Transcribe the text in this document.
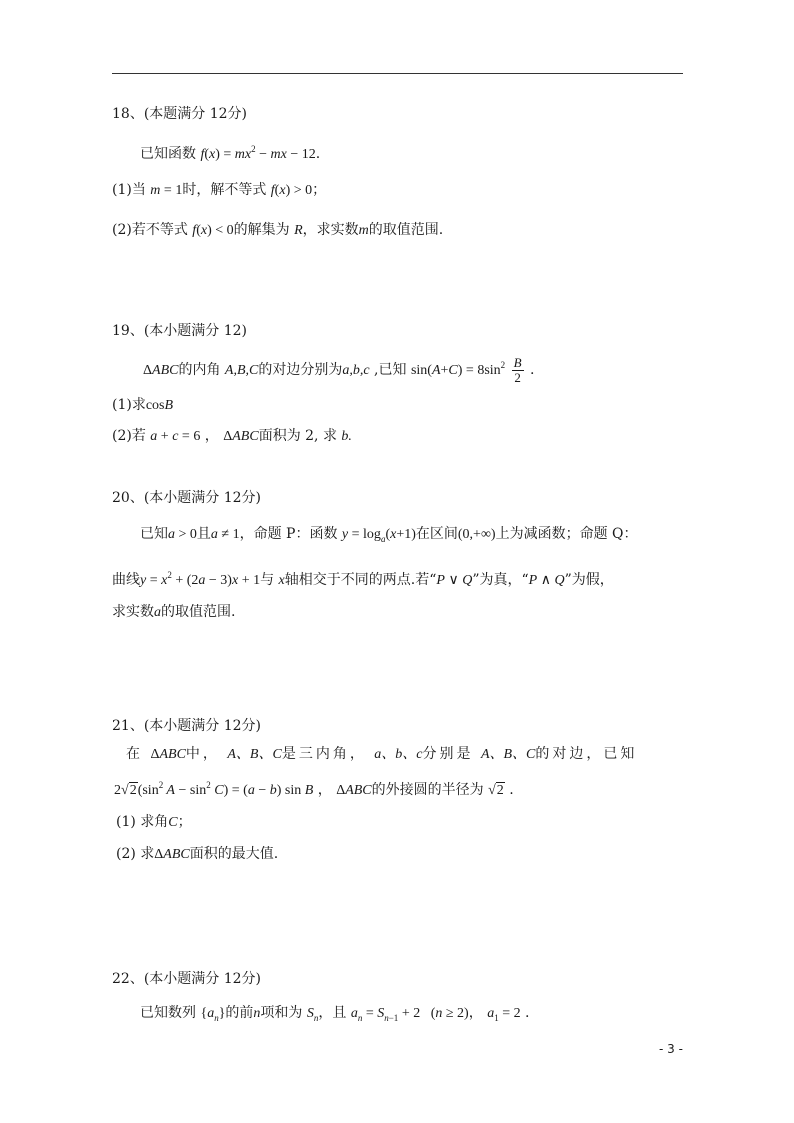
18、(本题满分 12分)
已知函数 $f(x) = mx^2$ − mx − 12.
(1)当 m = 1时，解不等式 f(x) > 0；
(2)若不等式 f(x) < 0的解集为 R，求实数m的取值范围.
19、(本小题满分 12)
ΔABC的内角 A,B,C的对边分别为a,b,c ,已知 $\sin(A+C) = 8\sin^2 \frac{B}{2}$ .
(1)求cosB
(2)若 a + c = 6 ， ΔABC面积为 2, 求 b.
20、(本小题满分 12分)
已知a > 0且a ≠ 1，命题 P：函数 $y = \log_a(x+1)$在区间(0,+∞)上为减函数；命题 Q：
曲线$y = x^2 + (2a - 3)x + 1$与 x轴相交于不同的两点.若“P ∨ Q”为真，“P ∧ Q”为假，
求实数a的取值范围.
21、(本小题满分 12分)
在 ΔABC中， A、B、C是三内角， a、b、c分别是 A、B、C的对边，已知
$2√2(\sin^2$ $A - \sin^2 C) = (a - b)$ sin B ， ΔABC的外接圆的半径为 √2 .
(1) 求角C；
(2) 求ΔABC面积的最大值.
22、(本小题满分 12分)
已知数列 $\{a_n\}$的前n项和为 $S_n$，且 $a_n = S_{n-1} + 2$   (n ≥ 2)， $a_1 = 2$ .
- 3 -
